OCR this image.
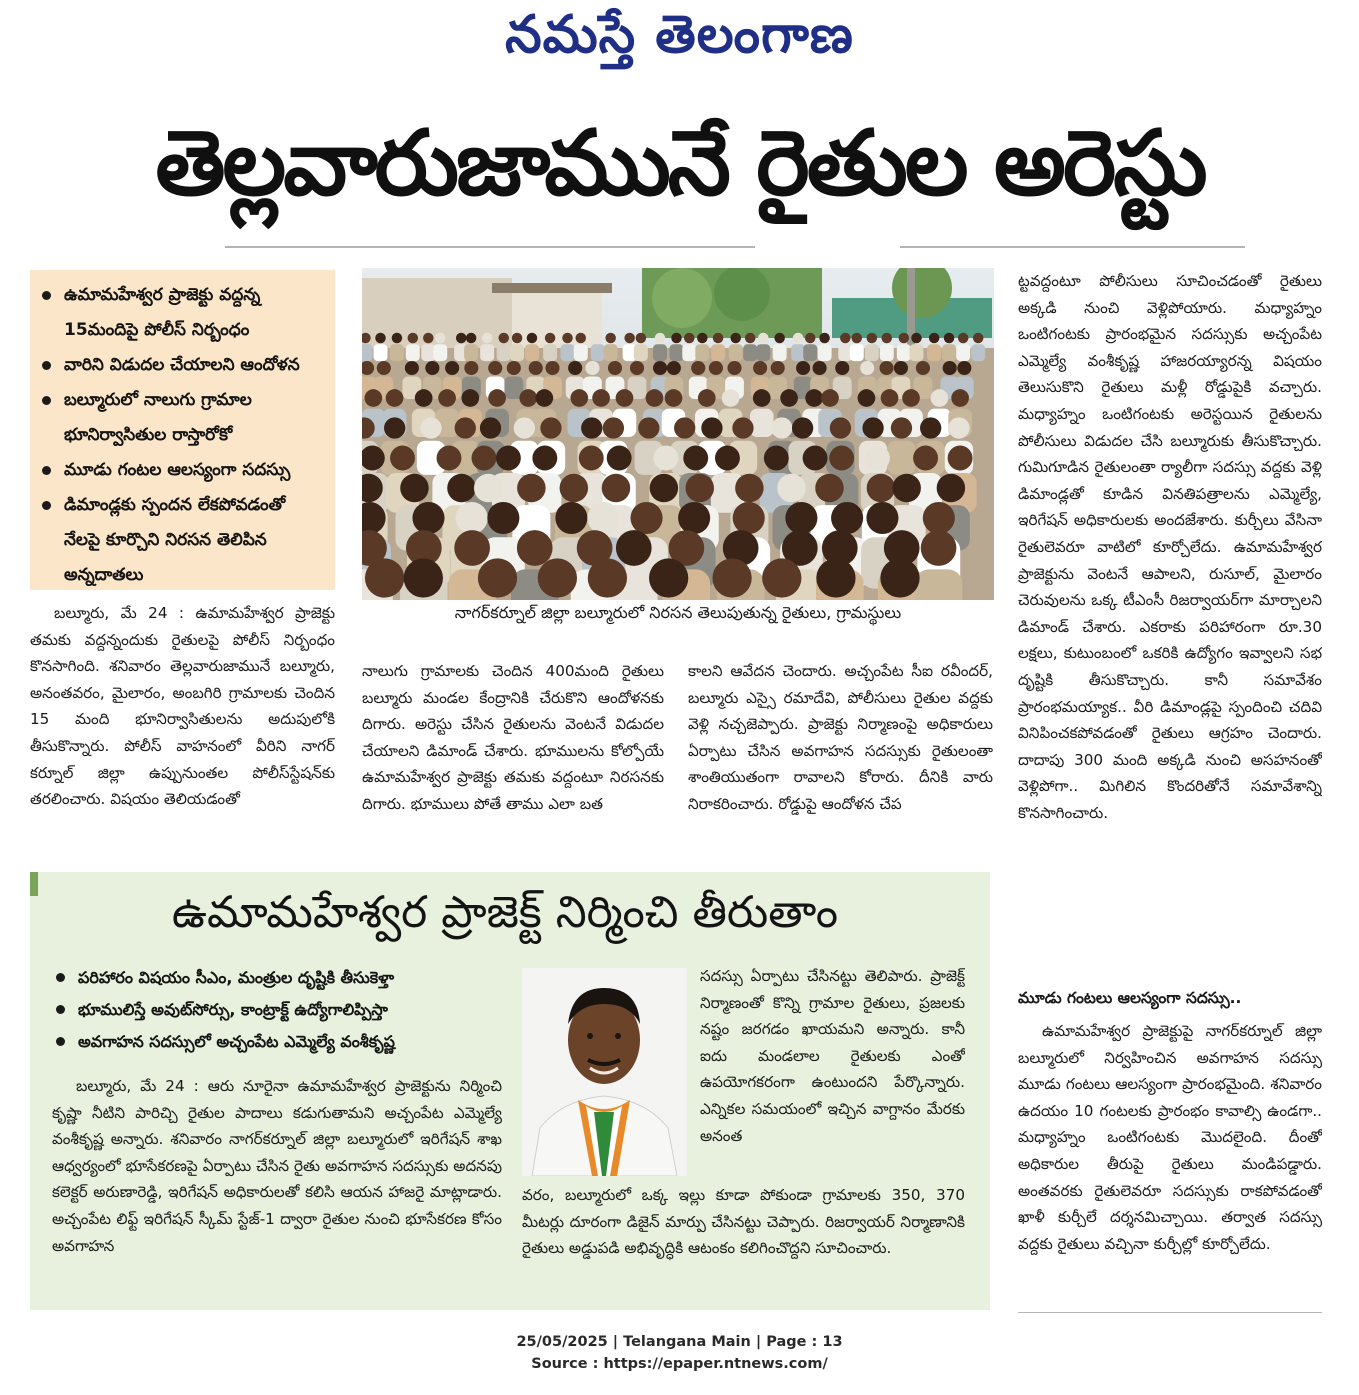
నమస్తే తెలంగాణ
తెల్లవారుజామునే రైతుల అరెస్టు
ఉమామహేశ్వర ప్రాజెక్టు వద్దన్న 15మందిపై పోలీస్ నిర్బంధం
వారిని విడుదల చేయాలని ఆందోళన
బల్మూరులో నాలుగు గ్రామాల భూనిర్వాసితుల రాస్తారోకో
మూడు గంటల ఆలస్యంగా సదస్సు
డిమాండ్లకు స్పందన లేకపోవడంతో నేలపై కూర్చొని నిరసన తెలిపిన అన్నదాతలు
నాగర్‌కర్నూల్ జిల్లా బల్మూరులో నిరసన తెలుపుతున్న రైతులు, గ్రామస్థులు

బల్మూరు, మే 24 : ఉమామహేశ్వర ప్రాజెక్టు తమకు వద్దన్నందుకు రైతులపై పోలీస్ నిర్బంధం కొనసాగింది. శనివారం తెల్లవారుజామునే బల్మూరు, అనంతవరం, మైలారం, అంబగిరి గ్రామాలకు చెందిన 15 మంది భూనిర్వాసితులను అదుపులోకి తీసుకొన్నారు. పోలీస్ వాహనంలో వీరిని నాగర్ కర్నూల్ జిల్లా ఉప్పునుంతల పోలీస్‌స్టేషన్‌కు తరలించారు. విషయం తెలియడంతో

నాలుగు గ్రామాలకు చెందిన 400మంది రైతులు బల్మూరు మండల కేంద్రానికి చేరుకొని ఆందోళనకు దిగారు. అరెస్టు చేసిన రైతులను వెంటనే విడుదల చేయాలని డిమాండ్ చేశారు. భూములను కోల్పోయే ఉమామహేశ్వర ప్రాజెక్టు తమకు వద్దంటూ నిరసనకు దిగారు. భూములు పోతే తాము ఎలా బత

కాలని ఆవేదన చెందారు. అచ్చంపేట సీఐ రవీందర్, బల్మూరు ఎస్సై రమాదేవి, పోలీసులు రైతుల వద్దకు వెళ్లి నచ్చజెప్పారు. ప్రాజెక్టు నిర్మాణంపై అధికారులు ఏర్పాటు చేసిన అవగాహన సదస్సుకు రైతులంతా శాంతియుతంగా రావాలని కోరారు. దీనికి వారు నిరాకరించారు. రోడ్డుపై ఆందోళన చేప

ట్టవద్దంటూ పోలీసులు సూచించడంతో రైతులు అక్కడి నుంచి వెళ్లిపోయారు. మధ్యాహ్నం ఒంటిగంటకు ప్రారంభమైన సదస్సుకు అచ్చంపేట ఎమ్మెల్యే వంశీకృష్ణ హాజరయ్యారన్న విషయం తెలుసుకొని రైతులు మళ్లీ రోడ్డుపైకి వచ్చారు. మధ్యాహ్నం ఒంటిగంటకు అరెస్టయిన రైతులను పోలీసులు విడుదల చేసి బల్మూరుకు తీసుకొచ్చారు. గుమిగూడిన రైతులంతా ర్యాలీగా సదస్సు వద్దకు వెళ్లి డిమాండ్లతో కూడిన వినతిపత్రాలను ఎమ్మెల్యే, ఇరిగేషన్ అధికారులకు అందజేశారు. కుర్చీలు వేసినా రైతులెవరూ వాటిలో కూర్చోలేదు. ఉమామహేశ్వర ప్రాజెక్టును వెంటనే ఆపాలని, రుసూల్, మైలారం చెరువులను ఒక్క టీఎంసీ రిజర్వాయర్‌గా మార్చాలని డిమాండ్ చేశారు. ఎకరాకు పరిహారంగా రూ.30 లక్షలు, కుటుంబంలో ఒకరికి ఉద్యోగం ఇవ్వాలని సభ దృష్టికి తీసుకొచ్చారు. కానీ సమావేశం ప్రారంభమయ్యాక.. వీరి డిమాండ్లపై స్పందించి చదివి వినిపించకపోవడంతో రైతులు ఆగ్రహం చెందారు. దాదాపు 300 మంది అక్కడి నుంచి అసహనంతో వెళ్లిపోగా.. మిగిలిన కొందరితోనే సమావేశాన్ని కొనసాగించారు.

మూడు గంటలు ఆలస్యంగా సదస్సు..

ఉమామహేశ్వర ప్రాజెక్టుపై నాగర్‌కర్నూల్ జిల్లా బల్మూరులో నిర్వహించిన అవగాహన సదస్సు మూడు గంటలు ఆలస్యంగా ప్రారంభమైంది. శనివారం ఉదయం 10 గంటలకు ప్రారంభం కావాల్సి ఉండగా.. మధ్యాహ్నం ఒంటిగంటకు మొదలైంది. దీంతో అధికారుల తీరుపై రైతులు మండిపడ్డారు. అంతవరకు రైతులెవరూ సదస్సుకు రాకపోవడంతో ఖాళీ కుర్చీలే దర్శనమిచ్చాయి. తర్వాత సదస్సు వద్దకు రైతులు వచ్చినా కుర్చీల్లో కూర్చోలేదు.

ఉమామహేశ్వర ప్రాజెక్ట్ నిర్మించి తీరుతాం
పరిహారం విషయం సీఎం, మంత్రుల దృష్టికి తీసుకెళ్తా
భూములిస్తే అవుట్‌సోర్సు, కాంట్రాక్ట్ ఉద్యోగాలిప్పిస్తా
అవగాహన సదస్సులో అచ్చంపేట ఎమ్మెల్యే వంశీకృష్ణ

బల్మూరు, మే 24 : ఆరు నూరైనా ఉమామహేశ్వర ప్రాజెక్టును నిర్మించి కృష్ణా నీటిని పారిచ్చి రైతుల పాదాలు కడుగుతామని అచ్చంపేట ఎమ్మెల్యే వంశీకృష్ణ అన్నారు. శనివారం నాగర్‌కర్నూల్ జిల్లా బల్మూరులో ఇరిగేషన్ శాఖ ఆధ్వర్యంలో భూసేకరణపై ఏర్పాటు చేసిన రైతు అవగాహన సదస్సుకు అదనపు కలెక్టర్ అరుణారెడ్డి, ఇరిగేషన్ అధికారులతో కలిసి ఆయన హాజరై మాట్లాడారు. అచ్చంపేట లిఫ్ట్ ఇరిగేషన్ స్కీమ్ స్టేజ్-1 ద్వారా రైతుల నుంచి భూసేకరణ కోసం అవగాహన

సదస్సు ఏర్పాటు చేసినట్టు తెలిపారు. ప్రాజెక్ట్ నిర్మాణంతో కొన్ని గ్రామాల రైతులు, ప్రజలకు నష్టం జరగడం ఖాయమని అన్నారు. కానీ ఐదు మండలాల రైతులకు ఎంతో ఉపయోగకరంగా ఉంటుందని పేర్కొన్నారు. ఎన్నికల సమయంలో ఇచ్చిన వాగ్దానం మేరకు అనంత

వరం, బల్మూరులో ఒక్క ఇల్లు కూడా పోకుండా గ్రామాలకు 350, 370 మీటర్లు దూరంగా డిజైన్ మార్పు చేసినట్టు చెప్పారు. రిజర్వాయర్ నిర్మాణానికి రైతులు అడ్డుపడి అభివృద్ధికి ఆటంకం కలిగించొద్దని సూచించారు.

25/05/2025 | Telangana Main | Page : 13
Source : https://epaper.ntnews.com/
